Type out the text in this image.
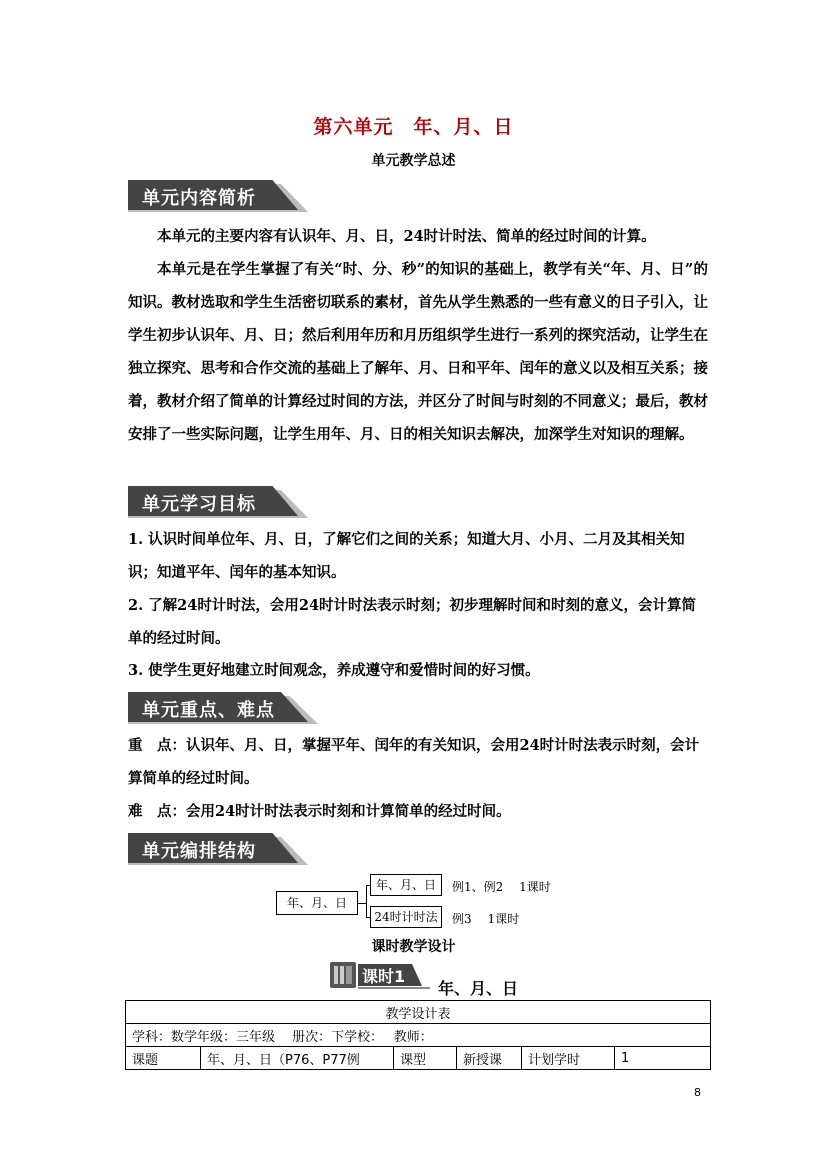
第六单元　年、月、日
单元教学总述
单元内容简析
本单元的主要内容有认识年、月、日，24时计时法、简单的经过时间的计算。
本单元是在学生掌握了有关“时、分、秒”的知识的基础上，教学有关“年、月、日”的知识。教材选取和学生生活密切联系的素材，首先从学生熟悉的一些有意义的日子引入，让学生初步认识年、月、日；然后利用年历和月历组织学生进行一系列的探究活动，让学生在独立探究、思考和合作交流的基础上了解年、月、日和平年、闰年的意义以及相互关系；接着，教材介绍了简单的计算经过时间的方法，并区分了时间与时刻的不同意义；最后，教材安排了一些实际问题，让学生用年、月、日的相关知识去解决，加深学生对知识的理解。
单元学习目标
1. 认识时间单位年、月、日，了解它们之间的关系；知道大月、小月、二月及其相关知识；知道平年、闰年的基本知识。
2. 了解24时计时法，会用24时计时法表示时刻；初步理解时间和时刻的意义，会计算简单的经过时间。
3. 使学生更好地建立时间观念，养成遵守和爱惜时间的好习惯。
单元重点、难点
重　点：认识年、月、日，掌握平年、闰年的有关知识，会用24时计时法表示时刻，会计算简单的经过时间。
难　点：会用24时计时法表示时刻和计算简单的经过时间。
单元编排结构
年、月、日
年、月、日
24时计时法
例1、例2　 1课时
例3　 1课时
课时教学设计
课时1
年、月、日
教学设计表
学科：数学年级：三年级　 册次：下学校：　 教师：
课题	年、月、日（P76、P77例	课型	新授课	计划学时	1
8
